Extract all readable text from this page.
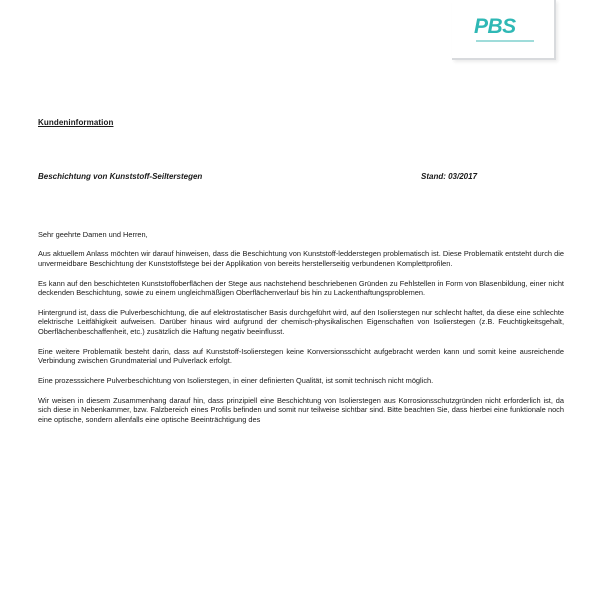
PBS
Kundeninformation
Beschichtung von Kunststoff-Seilterstegen	Stand: 03/2017

Sehr geehrte Damen und Herren,

Aus aktuellem Anlass möchten wir darauf hinweisen, dass die Beschichtung von Kunststoff-ledderstegen problematisch ist. Diese Problematik entsteht durch die unvermeidbare Beschichtung der Kunststoffstege bei der Applikation von bereits herstellerseitig verbundenen Komplettprofilen.

Es kann auf den beschichteten Kunststoffoberflächen der Stege aus nachstehend beschriebenen Gründen zu Fehlstellen in Form von Blasenbildung, einer nicht deckenden Beschichtung, sowie zu einem ungleichmäßigen Oberflächenverlauf bis hin zu Lackenthaftungsproblemen.

Hintergrund ist, dass die Pulverbeschichtung, die auf elektrostatischer Basis durchgeführt wird, auf den Isolierstegen nur schlecht haftet, da diese eine schlechte elektrische Leitfähigkeit aufweisen. Darüber hinaus wird aufgrund der chemisch-physikalischen Eigenschaften von Isolierstegen (z.B. Feuchtigkeitsgehalt, Oberflächenbeschaffenheit, etc.) zusätzlich die Haftung negativ beeinflusst.

Eine weitere Problematik besteht darin, dass auf Kunststoff-Isolierstegen keine Konversionsschicht aufgebracht werden kann und somit keine ausreichende Verbindung zwischen Grundmaterial und Pulverlack erfolgt.

Eine prozesssichere Pulverbeschichtung von Isolierstegen, in einer definierten Qualität, ist somit technisch nicht möglich.

Wir weisen in diesem Zusammenhang darauf hin, dass prinzipiell eine Beschichtung von Isolierstegen aus Korrosionsschutzgründen nicht erforderlich ist, da sich diese in Nebenkammer, bzw. Falzbereich eines Profils befinden und somit nur teilweise sichtbar sind. Bitte beachten Sie, dass hierbei eine funktionale noch eine optische, sondern allenfalls eine optische Beeinträchtigung des
